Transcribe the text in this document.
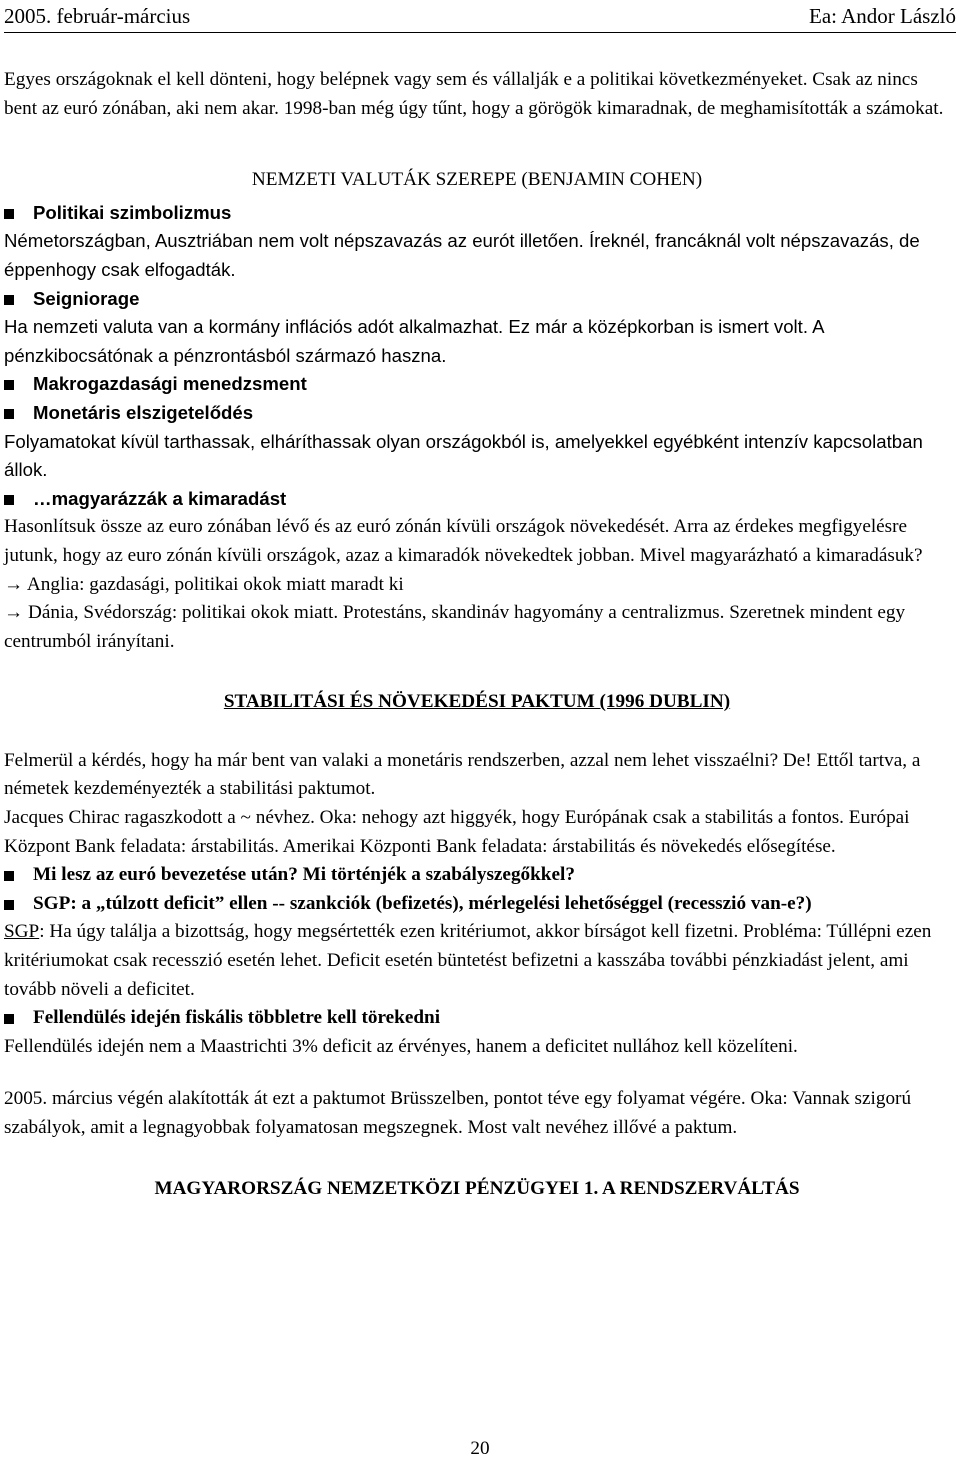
2005. február-március	Ea: Andor László

Egyes országoknak el kell dönteni, hogy belépnek vagy sem és vállalják e a politikai következményeket. Csak az nincs bent az euró zónában, aki nem akar. 1998-ban még úgy tűnt, hogy a görögök kimaradnak, de meghamisították a számokat.

NEMZETI VALUTÁK SZEREPE (BENJAMIN COHEN)

Politikai szimbolizmus

Németországban, Ausztriában nem volt népszavazás az eurót illetően. Íreknél, francáknál volt népszavazás, de éppenhogy csak elfogadták.

Seigniorage

Ha nemzeti valuta van a kormány inflációs adót alkalmazhat. Ez már a középkorban is ismert volt. A pénzkibocsátónak a pénzrontásból származó haszna.

Makrogazdasági menedzsment
Monetáris elszigetelődés

Folyamatokat kívül tarthassak, elháríthassak olyan országokból is, amelyekkel egyébként intenzív kapcsolatban állok.

…magyarázzák a kimaradást

Hasonlítsuk össze az euro zónában lévő és az euró zónán kívüli országok növekedését. Arra az érdekes megfigyelésre jutunk, hogy az euro zónán kívüli országok, azaz a kimaradók növekedtek jobban. Mivel magyarázható a kimaradásuk?

→ Anglia: gazdasági, politikai okok miatt maradt ki

→ Dánia, Svédország: politikai okok miatt. Protestáns, skandináv hagyomány a centralizmus. Szeretnek mindent egy centrumból irányítani.

STABILITÁSI ÉS NÖVEKEDÉSI PAKTUM (1996 DUBLIN)

Felmerül a kérdés, hogy ha már bent van valaki a monetáris rendszerben, azzal nem lehet visszaélni? De! Ettől tartva, a németek kezdeményezték a stabilitási paktumot.

Jacques Chirac ragaszkodott a ~ névhez. Oka: nehogy azt higgyék, hogy Európának csak a stabilitás a fontos. Európai Központ Bank feladata: árstabilitás. Amerikai Központi Bank feladata: árstabilitás és növekedés elősegítése.

Mi lesz az euró bevezetése után? Mi történjék a szabályszegőkkel?
SGP: a „túlzott deficit” ellen -- szankciók (befizetés), mérlegelési lehetőséggel (recesszió van-e?)

SGP: Ha úgy találja a bizottság, hogy megsértették ezen kritériumot, akkor bírságot kell fizetni. Probléma: Túllépni ezen kritériumokat csak recesszió esetén lehet. Deficit esetén büntetést befizetni a kasszába további pénzkiadást jelent, ami tovább növeli a deficitet.

Fellendülés idején fiskális többletre kell törekedni

Fellendülés idején nem a Maastrichti 3% deficit az érvényes, hanem a deficitet nullához kell közelíteni.

2005. március végén alakították át ezt a paktumot Brüsszelben, pontot téve egy folyamat végére. Oka: Vannak szigorú szabályok, amit a legnagyobbak folyamatosan megszegnek. Most valt nevéhez illővé a paktum.

MAGYARORSZÁG NEMZETKÖZI PÉNZÜGYEI 1. A RENDSZERVÁLTÁS

20
